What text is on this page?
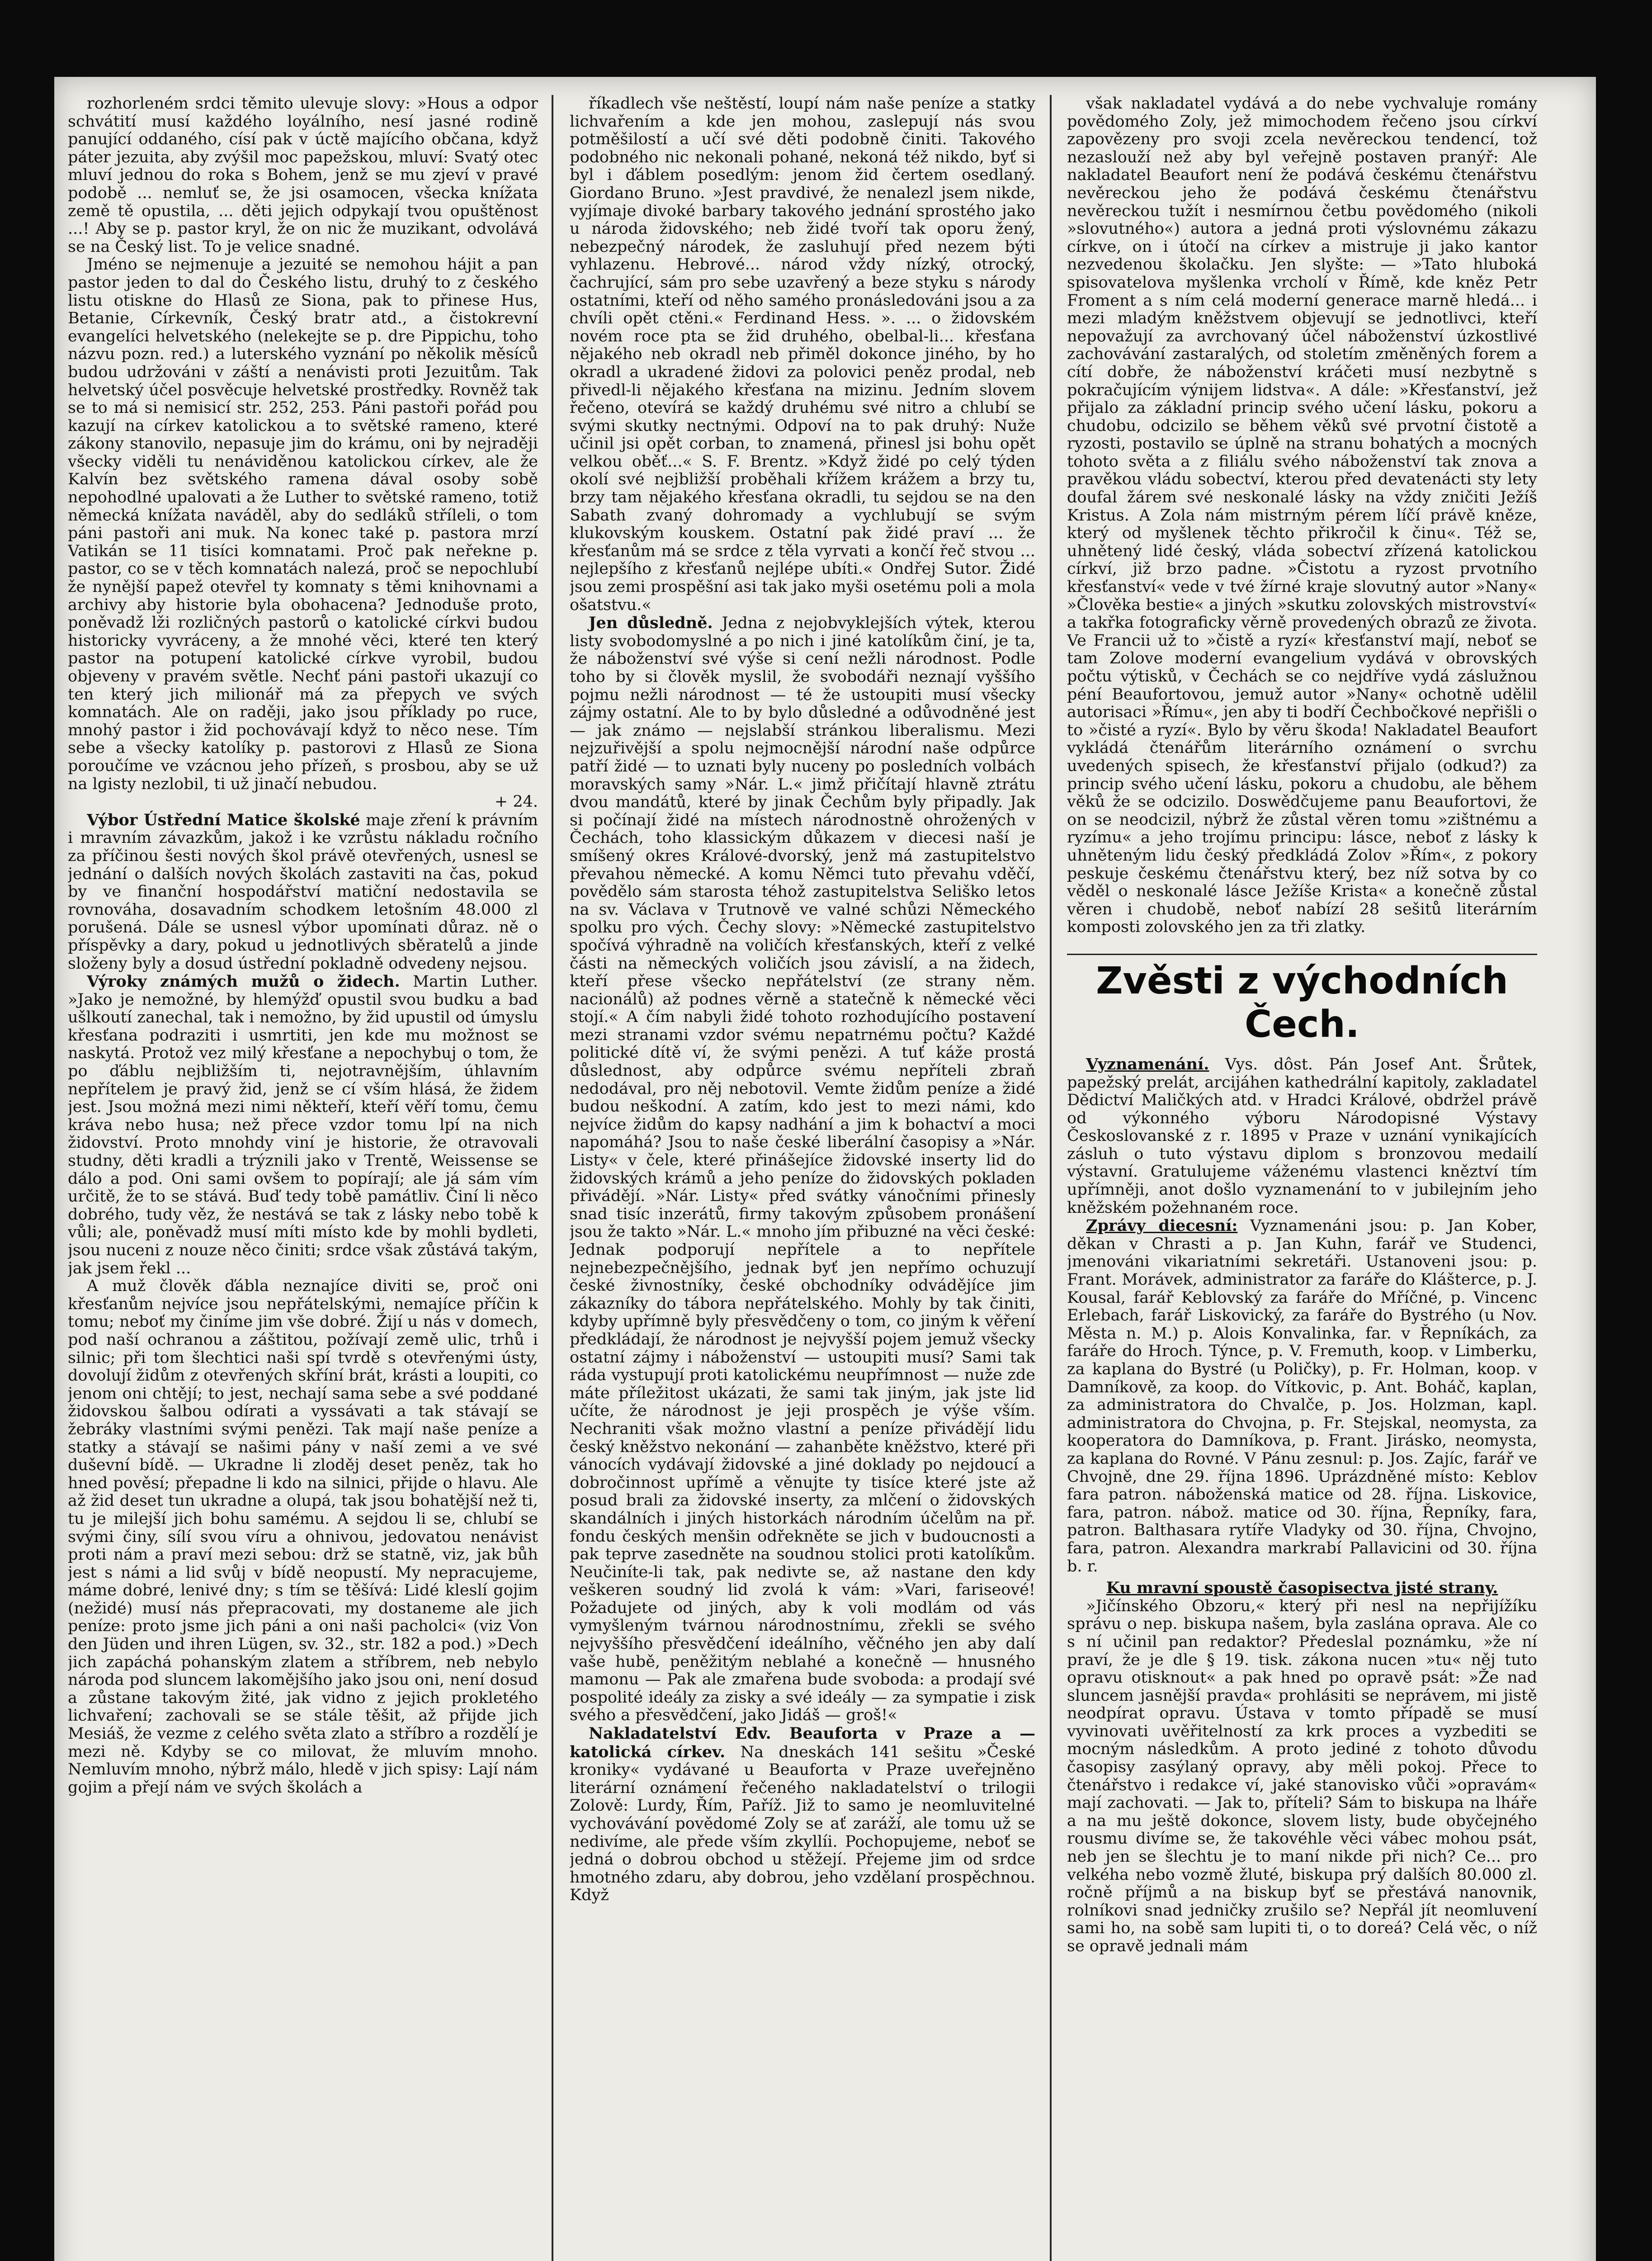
rozhorleném srdci těmito ulevuje slovy: »Hous a odpor schvátití musí každého loyálního, nesí jasné rodině panující oddaného, císí pak v úctě majícího občana, když páter jezuita, aby zvýšil moc papežskou, mluví: Svatý otec mluví jednou do roka s Bohem, jenž se mu zjeví v pravé podobě ... nemluť se, že jsi osamocen, všecka knížata země tě opustila, ... děti jejich odpykají tvou opuštěnost ...! Aby se p. pastor kryl, že on nic že muzikant, odvolává se na Český list. To je velice snadné.

Jméno se nejmenuje a jezuité se nemohou hájit a pan pastor jeden to dal do Českého listu, druhý to z českého listu otiskne do Hlasů ze Siona, pak to přinese Hus, Betanie, Církevník, Český bratr atd., a čistokrevní evangelíci helvetského (nelekejte se p. dre Pippichu, toho názvu pozn. red.) a luterského vyznání po několik měsíců budou udržováni v záští a nenávisti proti Jezuitům. Tak helvetský účel posvěcuje helvetské prostředky. Rovněž tak se to má si nemisicí str. 252, 253. Páni pastoři pořád pou kazují na církev katolickou a to světské rameno, které zákony stanovilo, nepasuje jim do krámu, oni by nejraději všecky viděli tu nenáviděnou katolickou církev, ale že Kalvín bez světského ramena dával osoby sobě nepohodlné upalovati a že Luther to světské rameno, totiž německá knížata naváděl, aby do sedláků stříleli, o tom páni pastoři ani muk. Na konec také p. pastora mrzí Vatikán se 11 tisíci komnatami. Proč pak neřekne p. pastor, co se v těch komnatách nalezá, proč se nepochlubí že nynější papež otevřel ty komnaty s těmi knihovnami a archivy aby historie byla obohacena? Jednoduše proto, poněvadž lži rozličných pastorů o katolické církvi budou historicky vyvráceny, a že mnohé věci, které ten který pastor na potupení katolické církve vyrobil, budou objeveny v pravém světle. Nechť páni pastoři ukazují co ten který jich milionář má za přepych ve svých komnatách. Ale on raději, jako jsou příklady po ruce, mnohý pastor i žid pochovávají když to něco nese. Tím sebe a všecky katolíky p. pastorovi z Hlasů ze Siona poroučíme ve vzácnou jeho přízeň, s prosbou, aby se už na lgisty nezlobil, ti už jinačí nebudou.

+ 24.

Výbor Ústřední Matice školské maje zření k právním i mravním závazkům, jakož i ke vzrůstu nákladu ročního za příčinou šesti nových škol právě otevřených, usnesl se jednání o dalších nových školách zastaviti na čas, pokud by ve finanční hospodářství matiční nedostavila se rovnováha, dosavadním schodkem letošním 48.000 zl porušená. Dále se usnesl výbor upomínati důraz. ně o příspěvky a dary, pokud u jednotlivých sběratelů a jinde složeny byly a dosud ústřední pokladně odvedeny nejsou.

Výroky známých mužů o židech. Martin Luther. »Jako je nemožné, by hlemýžď opustil svou budku a bad ušlkoutí zanechal, tak i nemožno, by žid upustil od úmyslu křesťana podraziti i usmrtiti, jen kde mu možnost se naskytá. Protož vez milý křesťane a nepochybuj o tom, že po ďáblu nejbližším ti, nejotravnějším, úhlavním nepřítelem je pravý žid, jenž se cí vším hlásá, že židem jest. Jsou možná mezi nimi někteří, kteří věří tomu, čemu kráva nebo husa; než přece vzdor tomu lpí na nich židovství. Proto mnohdy viní je historie, že otravovali studny, děti kradli a trýznili jako v Trentě, Weissense se dálo a pod. Oni sami ovšem to popírají; ale já sám vím určitě, že to se stává. Buď tedy tobě památliv. Činí li něco dobrého, tudy věz, že nestává se tak z lásky nebo tobě k vůli; ale, poněvadž musí míti místo kde by mohli bydleti, jsou nuceni z nouze něco činiti; srdce však zůstává takým, jak jsem řekl ...

A muž člověk ďábla neznajíce diviti se, proč oni křesťanům nejvíce jsou nepřátelskými, nemajíce příčin k tomu; neboť my činíme jim vše dobré. Žijí u nás v domech, pod naší ochranou a záštitou, požívají země ulic, trhů i silnic; při tom šlechtici naši spí tvrdě s otevřenými ústy, dovolují židům z otevřených skříní brát, krásti a loupiti, co jenom oni chtějí; to jest, nechají sama sebe a své poddané židovskou šalbou odírati a vyssávati a tak stávají se žebráky vlastními svými penězi. Tak mají naše peníze a statky a stávají se našimi pány v naší zemi a ve své duševní bídě. — Ukradne li zloděj deset peněz, tak ho hned pověsí; přepadne li kdo na silnici, přijde o hlavu. Ale až žid deset tun ukradne a olupá, tak jsou bohatější než ti, tu je milejší jich bohu samému. A sejdou li se, chlubí se svými činy, sílí svou víru a ohnivou, jedovatou nenávist proti nám a praví mezi sebou: drž se statně, viz, jak bůh jest s námi a lid svůj v bídě neopustí. My nepracujeme, máme dobré, lenivé dny; s tím se těšívá: Lidé kleslí gojim (nežidé) musí nás přepracovati, my dostaneme ale jich peníze: proto jsme jich páni a oni naši pacholci« (viz Von den Jüden und ihren Lügen, sv. 32., str. 182 a pod.) »Dech jich zapáchá pohanským zlatem a stříbrem, neb nebylo národa pod sluncem lakomějšího jako jsou oni, není dosud a zůstane takovým žité, jak vidno z jejich prokletého lichvaření; zachovali se se stále těšit, až přijde jich Mesiáš, že vezme z celého světa zlato a stříbro a rozdělí je mezi ně. Kdyby se co milovat, že mluvím mnoho. Nemluvím mnoho, nýbrž málo, hledě v jich spisy: Lají nám gojim a přejí nám ve svých školách a

říkadlech vše neštěstí, loupí nám naše peníze a statky lichvařením a kde jen mohou, zaslepují nás svou potměšilostí a učí své děti podobně činiti. Takového podobného nic nekonali pohané, nekoná též nikdo, byť si byl i ďáblem posedlým: jenom žid čertem osedlaný. Giordano Bruno. »Jest pravdivé, že nenalezl jsem nikde, vyjímaje divoké barbary takového jednání sprostého jako u národa židovského; neb židé tvoří tak oporu žený, nebezpečný národek, že zasluhují před nezem býti vyhlazenu. Hebrové... národ vždy nízký, otrocký, čachrující, sám pro sebe uzavřený a beze styku s národy ostatními, kteří od něho samého pronásledováni jsou a za chvíli opět ctěni.« Ferdinand Hess. ». ... o židovském novém roce pta se žid druhého, obelbal-li... křesťana nějakého neb okradl neb přiměl dokonce jiného, by ho okradl a ukradené židovi za polovici peněz prodal, neb přivedl-li nějakého křesťana na mizinu. Jedním slovem řečeno, otevírá se každý druhému své nitro a chlubí se svými skutky nectnými. Odpoví na to pak druhý: Nuže učinil jsi opět corban, to znamená, přinesl jsi bohu opět velkou oběť...« S. F. Brentz. »Když židé po celý týden okolí své nejbližší proběhali křížem krážem a brzy tu, brzy tam nějakého křesťana okradli, tu sejdou se na den Sabath zvaný dohromady a vychlubují se svým klukovským kouskem. Ostatní pak židé praví ... že křesťanům má se srdce z těla vyrvati a končí řeč stvou ... nejlepšího z křesťanů nejlépe ubíti.« Ondřej Sutor. Židé jsou zemi prospěšní asi tak jako myši osetému poli a mola ošatstvu.«

Jen důsledně. Jedna z nejobvyklejších výtek, kterou listy svobodomyslné a po nich i jiné katolíkům činí, je ta, že náboženství své výše si cení nežli národnost. Podle toho by si člověk myslil, že svobodáři neznají vyššího pojmu nežli národnost — té že ustoupiti musí všecky zájmy ostatní. Ale to by bylo důsledné a odůvodněné jest — jak známo — nejslabší stránkou liberalismu. Mezi nejzuřivější a spolu nejmocnější národní naše odpůrce patří židé — to uznati byly nuceny po posledních volbách moravských samy »Nár. L.« jimž přičítají hlavně ztrátu dvou mandátů, které by jinak Čechům byly připadly. Jak si počínají židé na místech národnostně ohrožených v Čechách, toho klassickým důkazem v diecesi naší je smíšený okres Králové-dvorský, jenž má zastupitelstvo převahou německé. A komu Němci tuto převahu vděčí, povědělo sám starosta téhož zastupitelstva Seliško letos na sv. Václava v Trutnově ve valné schůzi Německého spolku pro vých. Čechy slovy: »Německé zastupitelstvo spočívá výhradně na voličích křesťanských, kteří z velké části na německých voličích jsou závislí, a na židech, kteří přese všecko nepřátelství (ze strany něm. nacionálů) až podnes věrně a statečně k německé věci stojí.« A čím nabyli židé tohoto rozhodujícího postavení mezi stranami vzdor svému nepatrnému počtu? Každé politické dítě ví, že svými penězi. A tuť káže prostá důslednost, aby odpůrce svému nepříteli zbraň nedodával, pro něj nebotovil. Vemte židům peníze a židé budou neškodní. A zatím, kdo jest to mezi námi, kdo nejvíce židům do kapsy nadhání a jim k bohactví a moci napomáhá? Jsou to naše české liberální časopisy a »Nár. Listy« v čele, které přinášejíce židovské inserty lid do židovských krámů a jeho peníze do židovských pokladen přivádějí. »Nár. Listy« před svátky vánočními přinesly snad tisíc inzerátů, firmy takovým způsobem pronášení jsou že takto »Nár. L.« mnoho jím přibuzné na věci české: Jednak podporují nepřítele a to nepřítele nejnebezpečnějšího, jednak byť jen nepřímo ochuzují české živnostníky, české obchodníky odvádějíce jim zákazníky do tábora nepřátelského. Mohly by tak činiti, kdyby upřímně byly přesvědčeny o tom, co jiným k věření předkládají, že národnost je nejvyšší pojem jemuž všecky ostatní zájmy i náboženství — ustoupiti musí? Sami tak ráda vystupují proti katolickému neupřímnost — nuže zde máte příležitost ukázati, že sami tak jiným, jak jste lid učíte, že národnost je jeji prospěch je výše vším. Nechraniti však možno vlastní a peníze přivádějí lidu český kněžstvo nekonání — zahanběte kněžstvo, které při vánocích vydávají židovské a jiné doklady po nejdoucí a dobročinnost upřímě a věnujte ty tisíce které jste až posud brali za židovské inserty, za mlčení o židovských skandálních i jiných historkách národním účelům na př. fondu českých menšin odřekněte se jich v budoucnosti a pak teprve zasedněte na soudnou stolici proti katolíkům. Neučiníte-li tak, pak nedivte se, až nastane den kdy veškeren soudný lid zvolá k vám: »Vari, fariseové! Požadujete od jiných, aby k voli modlám od vás vymyšleným tvárnou národnostnímu, zřekli se svého nejvyššího přesvědčení ideálního, věčného jen aby dalí vaše hubě, peněžitým neblahé a konečně — hnusného mamonu — Pak ale zmařena bude svoboda: a prodají své pospolité ideály za zisky a své ideály — za sympatie i zisk svého a přesvědčení, jako Jidáš — groš!«

Nakladatelství Edv. Beauforta v Praze a — katolická církev. Na dneskách 141 sešitu »České kroniky« vydávané u Beauforta v Praze uveřejněno literární oznámení řečeného nakladatelství o trilogii Zolově: Lurdy, Řím, Paříž. Již to samo je neomluvitelné vychovávání povědomé Zoly se ať zaráží, ale tomu už se nedivíme, ale přede vším zkyllíi. Pochopujeme, neboť se jedná o dobrou obchod u stěžejí. Přejeme jim od srdce hmotného zdaru, aby dobrou, jeho vzdělaní prospěchnou. Když

však nakladatel vydává a do nebe vychvaluje romány povědomého Zoly, jež mimochodem řečeno jsou církví zapovězeny pro svoji zcela nevěreckou tendencí, tož nezaslouží než aby byl veřejně postaven pranýř: Ale nakladatel Beaufort není že podává českému čtenářstvu nevěreckou jeho že podává českému čtenářstvu nevěreckou tužít i nesmírnou četbu povědomého (nikoli »slovutného«) autora a jedná proti výslovnému zákazu církve, on i útočí na církev a mistruje ji jako kantor nezvedenou školačku. Jen slyšte: — »Tato hluboká spisovatelova myšlenka vrcholí v Římě, kde kněz Petr Froment a s ním celá moderní generace marně hledá... i mezi mladým kněžstvem objevují se jednotlivci, kteří nepovažují za avrchovaný účel náboženství úzkostlivé zachovávání zastaralých, od stoletím změněných forem a cítí dobře, že náboženství kráčeti musí nezbytně s pokračujícím výnijem lidstva«. A dále: »Křesťanství, jež přijalo za základní princip svého učení lásku, pokoru a chudobu, odcizilo se během věků své prvotní čistotě a ryzosti, postavilo se úplně na stranu bohatých a mocných tohoto světa a z filiálu svého náboženství tak znova a pravěkou vládu sobectví, kterou před devatenácti sty lety doufal žárem své neskonalé lásky na vždy zničiti Ježíš Kristus. A Zola nám mistrným pérem líčí právě kněze, který od myšlenek těchto přikročil k činu«. Též se, uhnětený lidé český, vláda sobectví zřízená katolickou církví, již brzo padne. »Čistotu a ryzost prvotního křesťanství« vede v tvé žírné kraje slovutný autor »Nany« »Člověka bestie« a jiných »skutku zolovských mistrovství« a takřka fotograficky věrně provedených obrazů ze života. Ve Francii už to »čistě a ryzí« křesťanství mají, neboť se tam Zolove moderní evangelium vydává v obrovských počtu výtisků, v Čechách se co nejdříve vydá záslužnou péní Beaufortovou, jemuž autor »Nany« ochotně udělil autorisaci »Římu«, jen aby ti bodří Čechbočkové nepřišli o to »čisté a ryzí«. Bylo by věru škoda! Nakladatel Beaufort vykládá čtenářům literárního oznámení o svrchu uvedených spisech, že křesťanství přijalo (odkud?) za princip svého učení lásku, pokoru a chudobu, ale během věků že se odcizilo. Doswědčujeme panu Beaufortovi, že on se neodcizil, nýbrž že zůstal věren tomu »zištnému a ryzímu« a jeho trojímu principu: lásce, neboť z lásky k uhněteným lidu český předkládá Zolov »Řím«, z pokory peskuje českému čtenářstvu který, bez níž sotva by co věděl o neskonalé lásce Ježíše Krista« a konečně zůstal věren i chudobě, neboť nabízí 28 sešitů literárním komposti zolovského jen za tři zlatky.

Zvěsti z východních Čech.

Vyznamenání. Vys. dôst. Pán Josef Ant. Šrůtek, papežský prelát, arcijáhen kathedrální kapitoly, zakladatel Dědictví Maličkých atd. v Hradci Králové, obdržel právě od výkonného výboru Národopisné Výstavy Českoslovanské z r. 1895 v Praze v uznání vynikajících zásluh o tuto výstavu diplom s bronzovou medailí výstavní. Gratulujeme váženému vlastenci kněztví tím upřímněji, anot došlo vyznamenání to v jubilejním jeho kněžském požehnaném roce.

Zprávy diecesní: Vyznamenáni jsou: p. Jan Kober, děkan v Chrasti a p. Jan Kuhn, farář ve Studenci, jmenováni vikariatními sekretáři. Ustanoveni jsou: p. Frant. Morávek, administrator za faráře do Klášterce, p. J. Kousal, farář Keblovský za faráře do Mříčné, p. Vincenc Erlebach, farář Liskovický, za faráře do Bystrého (u Nov. Města n. M.) p. Alois Konvalinka, far. v Řepníkách, za faráře do Hroch. Týnce, p. V. Fremuth, koop. v Limberku, za kaplana do Bystré (u Poličky), p. Fr. Holman, koop. v Damníkově, za koop. do Vítkovic, p. Ant. Boháč, kaplan, za administratora do Chvalče, p. Jos. Holzman, kapl. administratora do Chvojna, p. Fr. Stejskal, neomysta, za kooperatora do Damníkova, p. Frant. Jirásko, neomysta, za kaplana do Rovné. V Pánu zesnul: p. Jos. Zajíc, farář ve Chvojně, dne 29. října 1896. Uprázdněné místo: Keblov fara patron. náboženská matice od 28. října. Liskovice, fara, patron. nábož. matice od 30. října, Řepníky, fara, patron. Balthasara rytíře Vladyky od 30. října, Chvojno, fara, patron. Alexandra markrabí Pallavicini od 30. října b. r.

Ku mravní spoustě časopisectva jisté strany.

»Jičínského Obzoru,« který při nesl na nepřijížíku správu o nep. biskupa našem, byla zaslána oprava. Ale co s ní učinil pan redaktor? Předeslal poznámku, »že ní praví, že je dle § 19. tisk. zákona nucen »tu« něj tuto opravu otisknout« a pak hned po opravě psát: »Že nad sluncem jasnější pravda« prohlásiti se neprávem, mi jistě neodpírat opravu. Ústava v tomto případě se musí vyvinovati uvěřitelností za krk proces a vyzbediti se mocným následkům. A proto jediné z tohoto důvodu časopisy zasýlaný opravy, aby měli pokoj. Přece to čtenářstvo i redakce ví, jaké stanovisko vůči »opravám« mají zachovati. — Jak to, příteli? Sám to biskupa na lháře a na mu ještě dokonce, slovem listy, bude obyčejného rousmu divíme se, že takovéhle věci vábec mohou psát, neb jen se šlechtu je to maní nikde při nich? Ce... pro velkéha nebo vozmě žluté, biskupa prý dalších 80.000 zl. ročně příjmů a na biskup byť se přestává nanovnik, rolníkovi snad jedničky zrušilo se? Nepřál jít neomluvení sami ho, na sobě sam lupiti ti, o to doreá? Celá věc, o níž se opravě jednali mám
